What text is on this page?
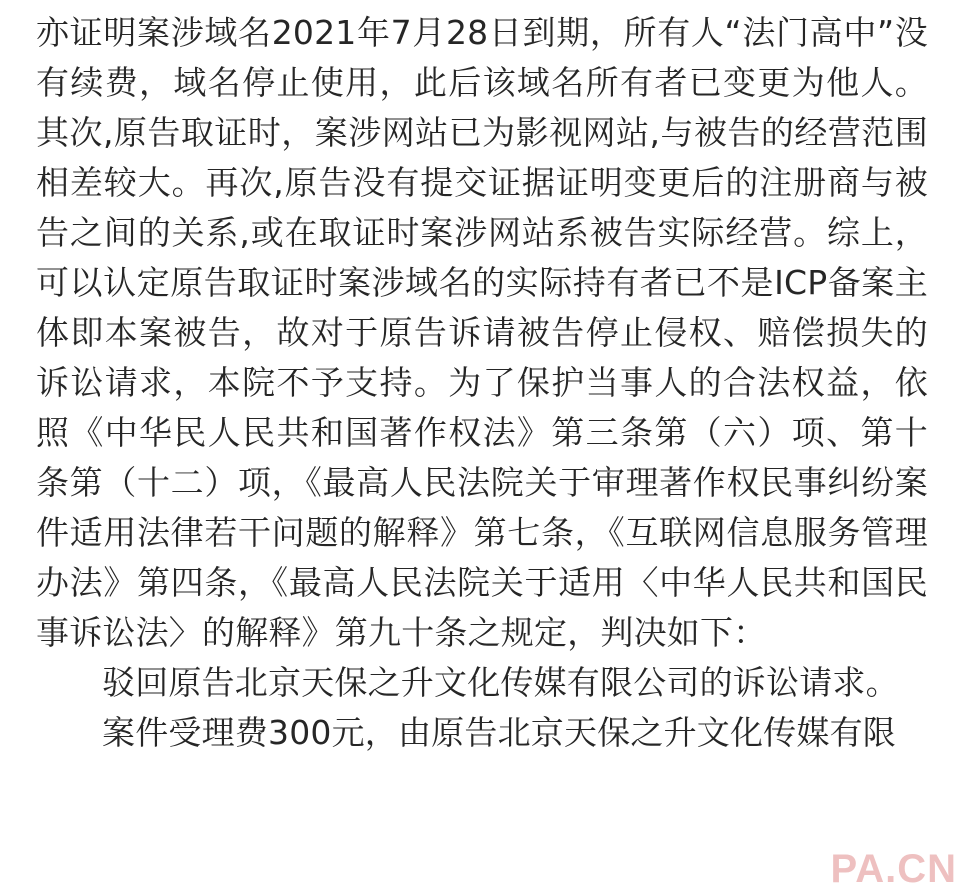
亦证明案涉域名2021年7月28日到期，所有人“法门高中”没有续费，域名停止使用，此后该域名所有者已变更为他人。其次,原告取证时，案涉网站已为影视网站,与被告的经营范围相差较大。再次,原告没有提交证据证明变更后的注册商与被告之间的关系,或在取证时案涉网站系被告实际经营。综上，可以认定原告取证时案涉域名的实际持有者已不是ICP备案主体即本案被告，故对于原告诉请被告停止侵权、赔偿损失的诉讼请求，本院不予支持。为了保护当事人的合法权益，依照《中华民人民共和国著作权法》第三条第（六）项、第十条第（十二）项，《最高人民法院关于审理著作权民事纠纷案件适用法律若干问题的解释》第七条，《互联网信息服务管理办法》第四条，《最高人民法院关于适用〈中华人民共和国民事诉讼法〉的解释》第九十条之规定，判决如下：

驳回原告北京天保之升文化传媒有限公司的诉讼请求。

案件受理费300元，由原告北京天保之升文化传媒有限

PA.CN
